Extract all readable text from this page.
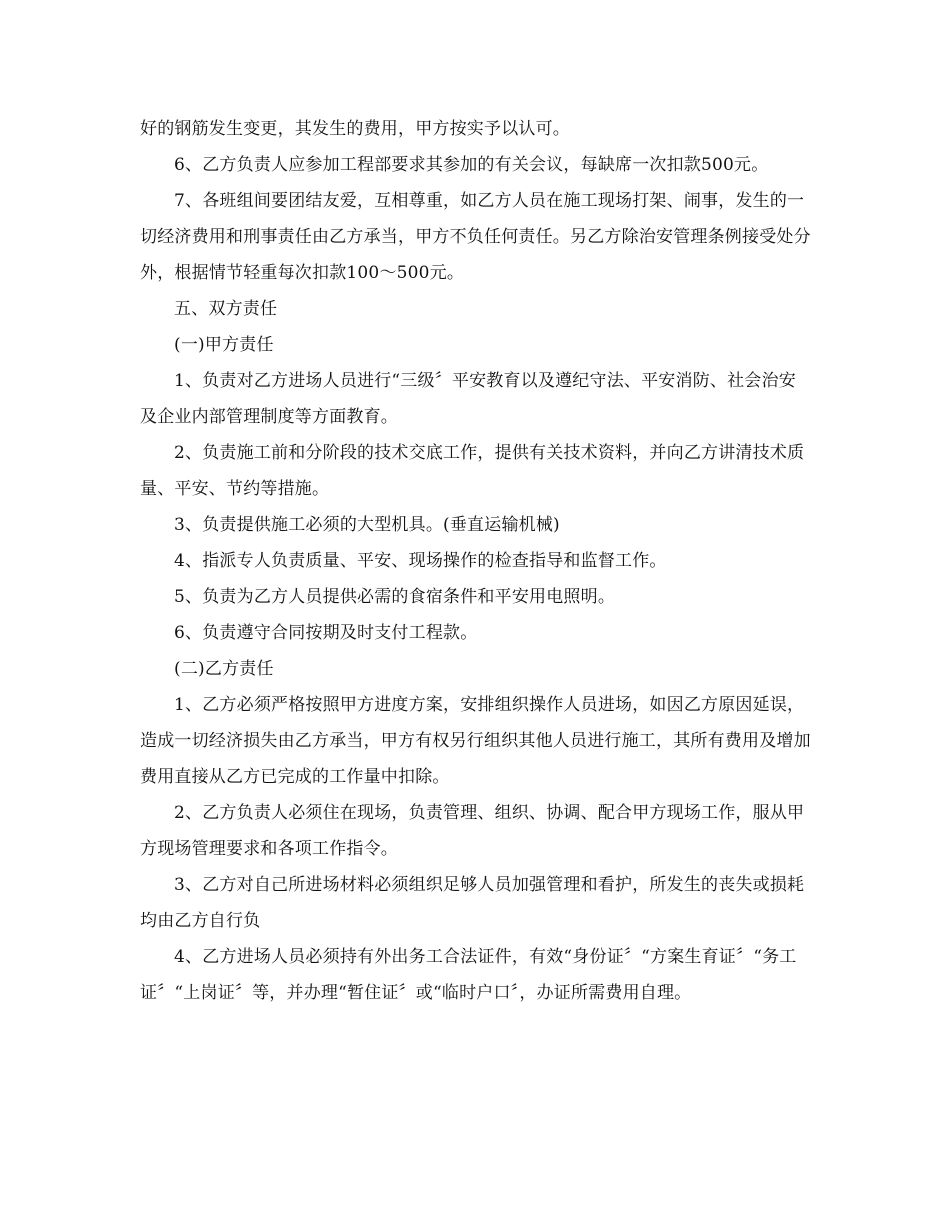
好的钢筋发生变更，其发生的费用，甲方按实予以认可。

6、乙方负责人应参加工程部要求其参加的有关会议，每缺席一次扣款500元。

7、各班组间要团结友爱，互相尊重，如乙方人员在施工现场打架、闹事，发生的一切经济费用和刑事责任由乙方承当，甲方不负任何责任。另乙方除治安管理条例接受处分外，根据情节轻重每次扣款100～500元。

五、双方责任

(一)甲方责任

1、负责对乙方进场人员进行“三级〞平安教育以及遵纪守法、平安消防、社会治安及企业内部管理制度等方面教育。

2、负责施工前和分阶段的技术交底工作，提供有关技术资料，并向乙方讲清技术质量、平安、节约等措施。

3、负责提供施工必须的大型机具。(垂直运输机械)

4、指派专人负责质量、平安、现场操作的检查指导和监督工作。

5、负责为乙方人员提供必需的食宿条件和平安用电照明。

6、负责遵守合同按期及时支付工程款。

(二)乙方责任

1、乙方必须严格按照甲方进度方案，安排组织操作人员进场，如因乙方原因延误，造成一切经济损失由乙方承当，甲方有权另行组织其他人员进行施工，其所有费用及增加费用直接从乙方已完成的工作量中扣除。

2、乙方负责人必须住在现场，负责管理、组织、协调、配合甲方现场工作，服从甲方现场管理要求和各项工作指令。

3、乙方对自己所进场材料必须组织足够人员加强管理和看护，所发生的丧失或损耗均由乙方自行负

4、乙方进场人员必须持有外出务工合法证件，有效“身份证〞“方案生育证〞“务工证〞“上岗证〞等，并办理“暂住证〞或“临时户口〞，办证所需费用自理。
